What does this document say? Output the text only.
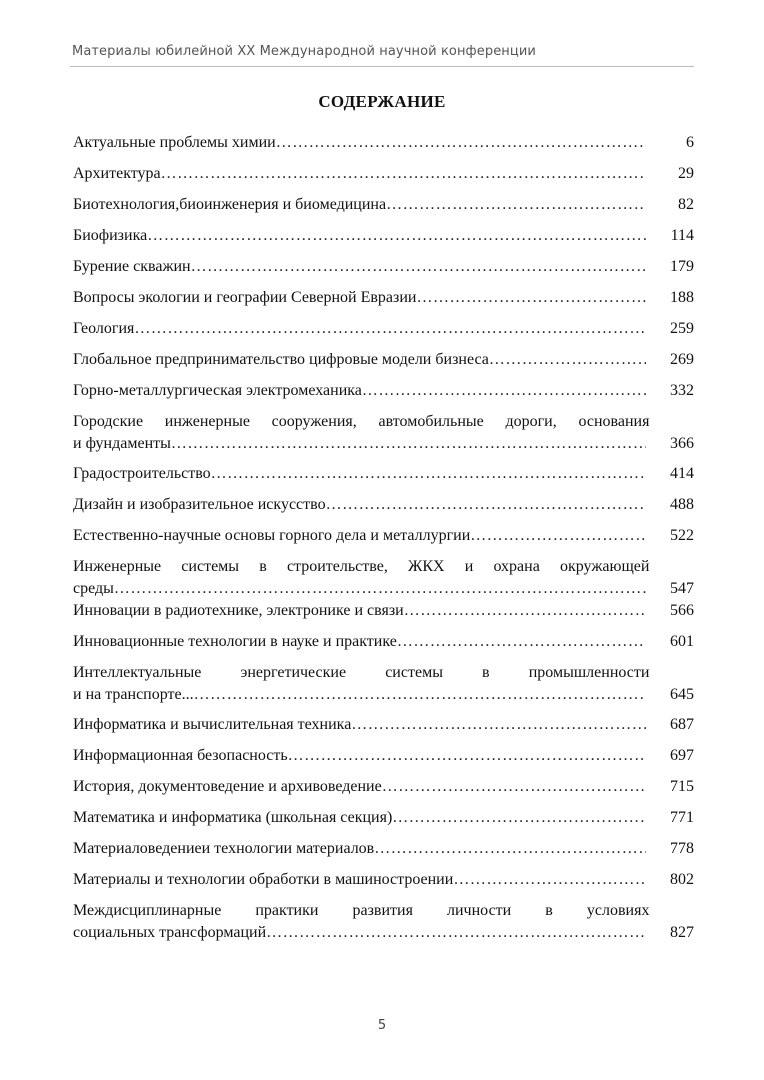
Материалы юбилейной XX Международной научной конференции
СОДЕРЖАНИЕ
Актуальные проблемы химии ……………………………………………………………………………………………………………………………………………………	6
Архитектура ……………………………………………………………………………………………………………………………………………………	29
Биотехнология,биоинженерия и биомедицина ……………………………………………………………………………………………………………………………………………………	82
Биофизика ……………………………………………………………………………………………………………………………………………………	114
Бурение скважин ……………………………………………………………………………………………………………………………………………………	179
Вопросы экологии и географии Северной Евразии ……………………………………………………………………………………………………………………………………………………	188
Геология ……………………………………………………………………………………………………………………………………………………	259
Глобальное предпринимательство цифровые модели бизнеса ……………………………………………………………………………………………………………………………………………………	269
Горно-металлургическая электромеханика ……………………………………………………………………………………………………………………………………………………	332
Городские инженерные сооружения, автомобильные дороги, основания
и фундаменты ……………………………………………………………………………………………………………………………………………………	366
Градостроительство ……………………………………………………………………………………………………………………………………………………	414
Дизайн и изобразительное искусство ……………………………………………………………………………………………………………………………………………………	488
Естественно-научные основы горного дела и металлургии ……………………………………………………………………………………………………………………………………………………	522
Инженерные системы в строительстве, ЖКХ и охрана окружающей
среды ……………………………………………………………………………………………………………………………………………………	547
Инновации в радиотехнике, электронике и связи ……………………………………………………………………………………………………………………………………………………	566
Инновационные технологии в науке и практике ……………………………………………………………………………………………………………………………………………………	601
Интеллектуальные энергетические системы в промышленности
и на транспорте... ……………………………………………………………………………………………………………………………………………………	645
Информатика и вычислительная техника ……………………………………………………………………………………………………………………………………………………	687
Информационная безопасность ……………………………………………………………………………………………………………………………………………………	697
История, документоведение и архивоведение ……………………………………………………………………………………………………………………………………………………	715
Математика и информатика (школьная секция) ……………………………………………………………………………………………………………………………………………………	771
Материаловедениеи технологии материалов ……………………………………………………………………………………………………………………………………………………	778
Материалы и технологии обработки в машиностроении ……………………………………………………………………………………………………………………………………………………	802
Междисциплинарные практики развития личности в условиях
социальных трансформаций ……………………………………………………………………………………………………………………………………………………	827
5
